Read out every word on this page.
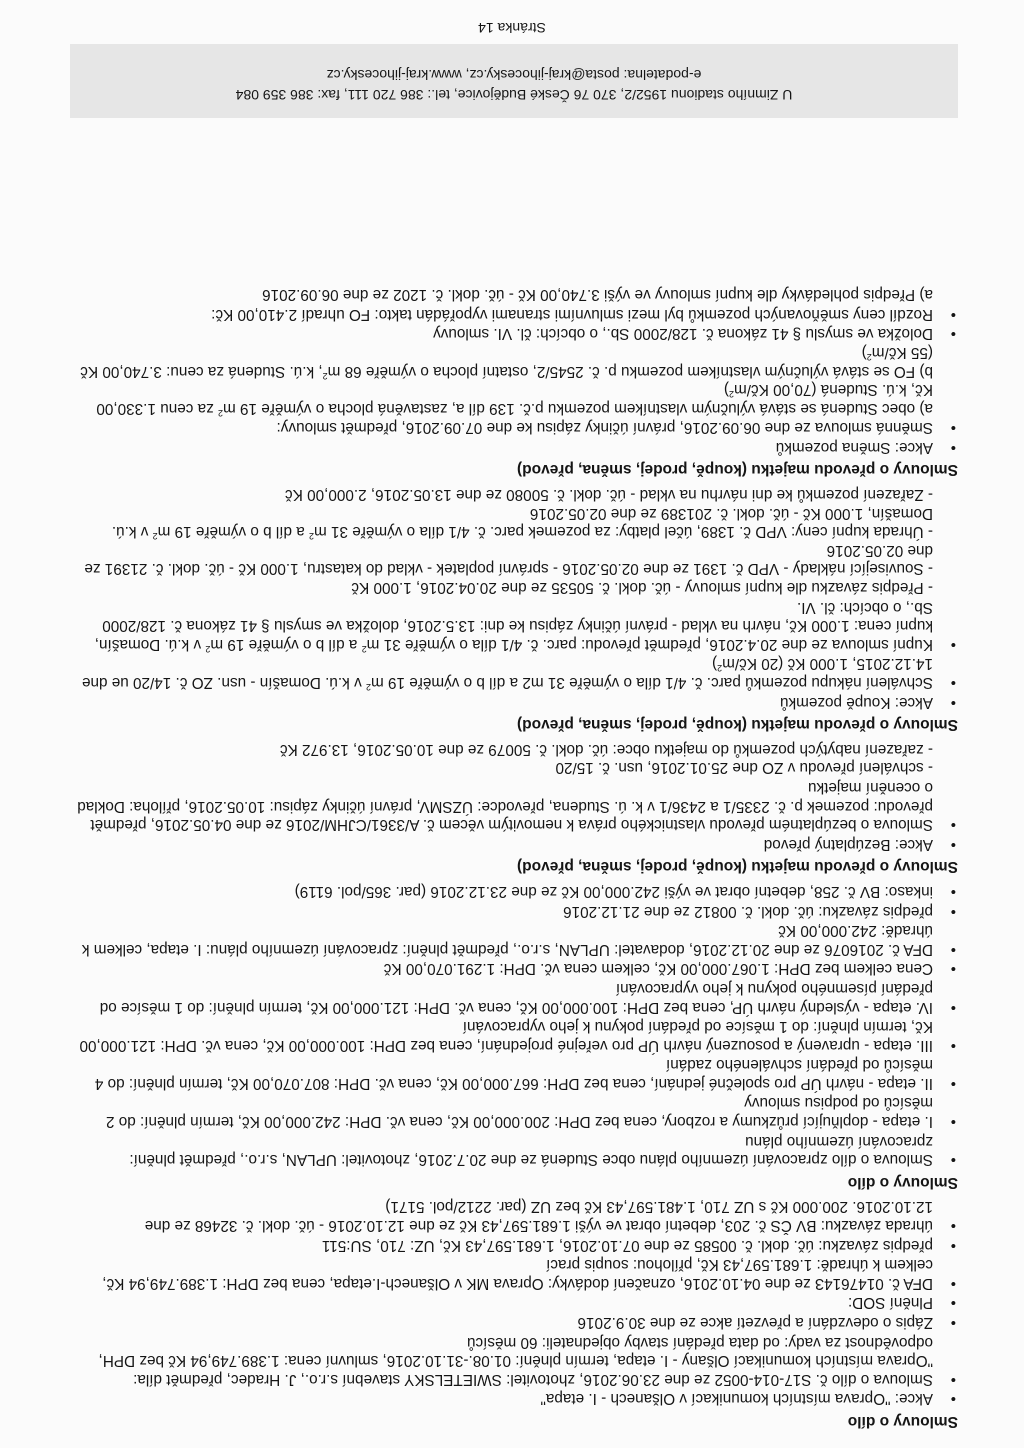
Smlouvy o dílo
• Akce: "Oprava místních komunikací v Olšanech - I. etapa"
• Smlouva o dílo č. S17-014-0052 ze dne 23.06.2016, zhotovitel: SWIETELSKY stavební s.r.o., J. Hradec, předmět díla: "Oprava místních komunikací Olšany - I. etapa, termín plnění: 01.08.-31.10.2016, smluvní cena: 1.389.749,94 Kč bez DPH, odpovědnost za vady: od data předání stavby objednateli: 60 měsíců
• Zápis o odevzdání a převzetí akce ze dne 30.9.2016
• Plnění SOD:
• DFA č. 0147614З ze dne 04.10.2016, označení dodávky: Oprava MK v Olšanech-I.etapa, cena bez DPH: 1.389.749,94 Kč, celkem k úhradě: 1.681.597,43 Kč, přílohou: soupis prací
• předpis závazku: úč. dokl. č. 00585 ze dne 07.10.2016, 1.681.597,43 Kč, UZ: 710, SU:511
• úhrada závazku: BV ČS č. 203, debetní obrat ve výši 1.681.597,43 Kč ze dne 12.10.2016 - úč. dokl. č. 32468 ze dne 12.10.2016. 200.000 Kč s UZ 710, 1.481.597,43 Kč bez UZ (par. 2212/pol. 5171)
Smlouvy o dílo
• Smlouva o dílo zpracování územního plánu obce Studená ze dne 20.7.2016, zhotovitel: UPLAN, s.r.o., předmět plnění: zpracování územního plánu
• I. etapa - doplňující průzkumy a rozbory, cena bez DPH: 200.000,00 Kč, cena vč. DPH: 242.000,00 Kč, termín plnění: do 2 měsíců od podpisu smlouvy
• II. etapa - návrh ÚP pro společné jednání, cena bez DPH: 667.000,00 Kč, cena vč. DPH: 807.070,00 Kč, termín plnění: do 4 měsíců od předání schváleného zadání
• III. etapa - upravený a posouzený návrh ÚP pro veřejné projednání, cena bez DPH: 100.000,00 Kč, cena vč. DPH: 121.000,00 Kč, termín plnění: do 1 měsíce od předání pokynu k jeho vypracování
• IV. etapa - výsledný návrh ÚP, cena bez DPH: 100.000,00 Kč, cena vč. DPH: 121.000,00 Kč, termín plnění: do 1 měsíce od předání písemného pokynu k jeho vypracování
• Cena celkem bez DPH: 1.067.000,00 Kč, celkem cena vč. DPH: 1.291.070,00 Kč
• DFA č. 2016076 ze dne 20.12.2016, dodavatel: UPLAN, s.r.o., předmět plnění: zpracování územního plánu: I. etapa, celkem k úhradě: 242.000,00 Kč
• předpis závazku: úč. dokl. č. 00812 ze dne 21.12.2016
• inkaso: BV č. 258, debetní obrat ve výši 242.000,00 Kč ze dne 23.12.2016 (par. 365/pol. 6119)
Smlouvy o převodu majetku (koupě, prodej, směna, převod)
• Akce: Bezúplatný převod
• Smlouva o bezúplatném převodu vlastnického práva k nemovitým věcem č. A/3361/CJHM/2016 ze dne 04.05.2016, předmět převodu: pozemek p. č. 2335/1 a 2436/1 v k. ú. Studena, převodce: ÚZSMV, právní účinky zápisu: 10.05.2016, příloha: Doklad o ocenění majetku

- schválení převodu v ZO dne 25.01.2016, usn. č. 15/20

- zařazení nabytých pozemků do majetku obce: úč. dokl. č. 50079 ze dne 10.05.2016, 13.972 Kč

Smlouvy o převodu majetku (koupě, prodej, směna, převod)
• Akce: Koupě pozemků
• Schválení nákupu pozemků parc. č. 4/1 díla o výměře 31 m2 a díl b o výměře 19 $m^2$ v k.ú. Domašín - usn. ZO č. 14/20 ue dne 14.12.2015, 1.000 Kč (20 $Kč/m^2$)
• Kupní smlouva ze dne 20.4.2016, předmět převodu: parc. č. 4/1 díla o výměře 31 $m^2$ a díl b o výměře 19 $m^2$ v k.ú. Domašín, kupní cena: 1.000 Kč, návrh na vklad - právní účinky zápisu ke dni: 13.5.2016, doložka ve smyslu § 41 zákona č. 128/2000 Sb., o obcích: čl. VI.

- Předpis závazku dle kupní smlouvy - úč. dokl. č. 50535 ze dne 20.04.2016, 1.000 Kč

- Související náklady - VPD č. 1391 ze dne 02.05.2016 - správní poplatek - vklad do katastru, 1.000 Kč - úč. dokl. č. 21391 ze dne 02.05.2016

- Úhrada kupní ceny: VPD č. 1389, účel platby: za pozemek parc. č. 4/1 díla o výměře 31 $m^2$ a díl b o výměře 19 $m^2$ v k.ú. Domašín, 1.000 Kč - úč. dokl. č. 201389 ze dne 02.05.2016

- Zařazení pozemků ke dni návrhu na vklad - úč. dokl. č. 50080 ze dne 13.05.2016, 2.000,00 Kč

Smlouvy o převodu majetku (koupě, prodej, směna, převod)
• Akce: Směna pozemků
• Směnná smlouva ze dne 06.09.2016, právní účinky zápisu ke dne 07.09.2016, předmět smlouvy:

a) obec Studená se stává výlučným vlastníkem pozemku p.č. 139 díl a, zastavěná plocha o výměře 19 $m^2$ za cenu 1.330,00 Kč, k.ú. Studená (70,00 $Kč/m^2$)

b) FO se stává výlučným vlastníkem pozemku p. č. 2545/2, ostatní plocha o výměře 68 $m^2$, k.ú. Studená za cenu: 3.740,00 Kč (55 $Kč/m^2$)

• Doložka ve smyslu § 41 zákona č. 128/2000 Sb., o obcích: čl. VI. smlouvy
• Rozdíl ceny směňovaných pozemků byl mezi smluvními stranami vypořádán takto: FO uhradí 2.410,00 Kč:

a) Předpis pohledávky dle kupní smlouvy ve výši 3.740,00 Kč - úč. dokl. č. 1202 ze dne 06.09.2016

U Zimního stadionu 1952/2, 370 76 České Budějovice, tel.: 386 720 111, fax: 386 359 084
e-podatelna: posta@kraj-jihocesky.cz, www.kraj-jihocesky.cz
Stránka 14
